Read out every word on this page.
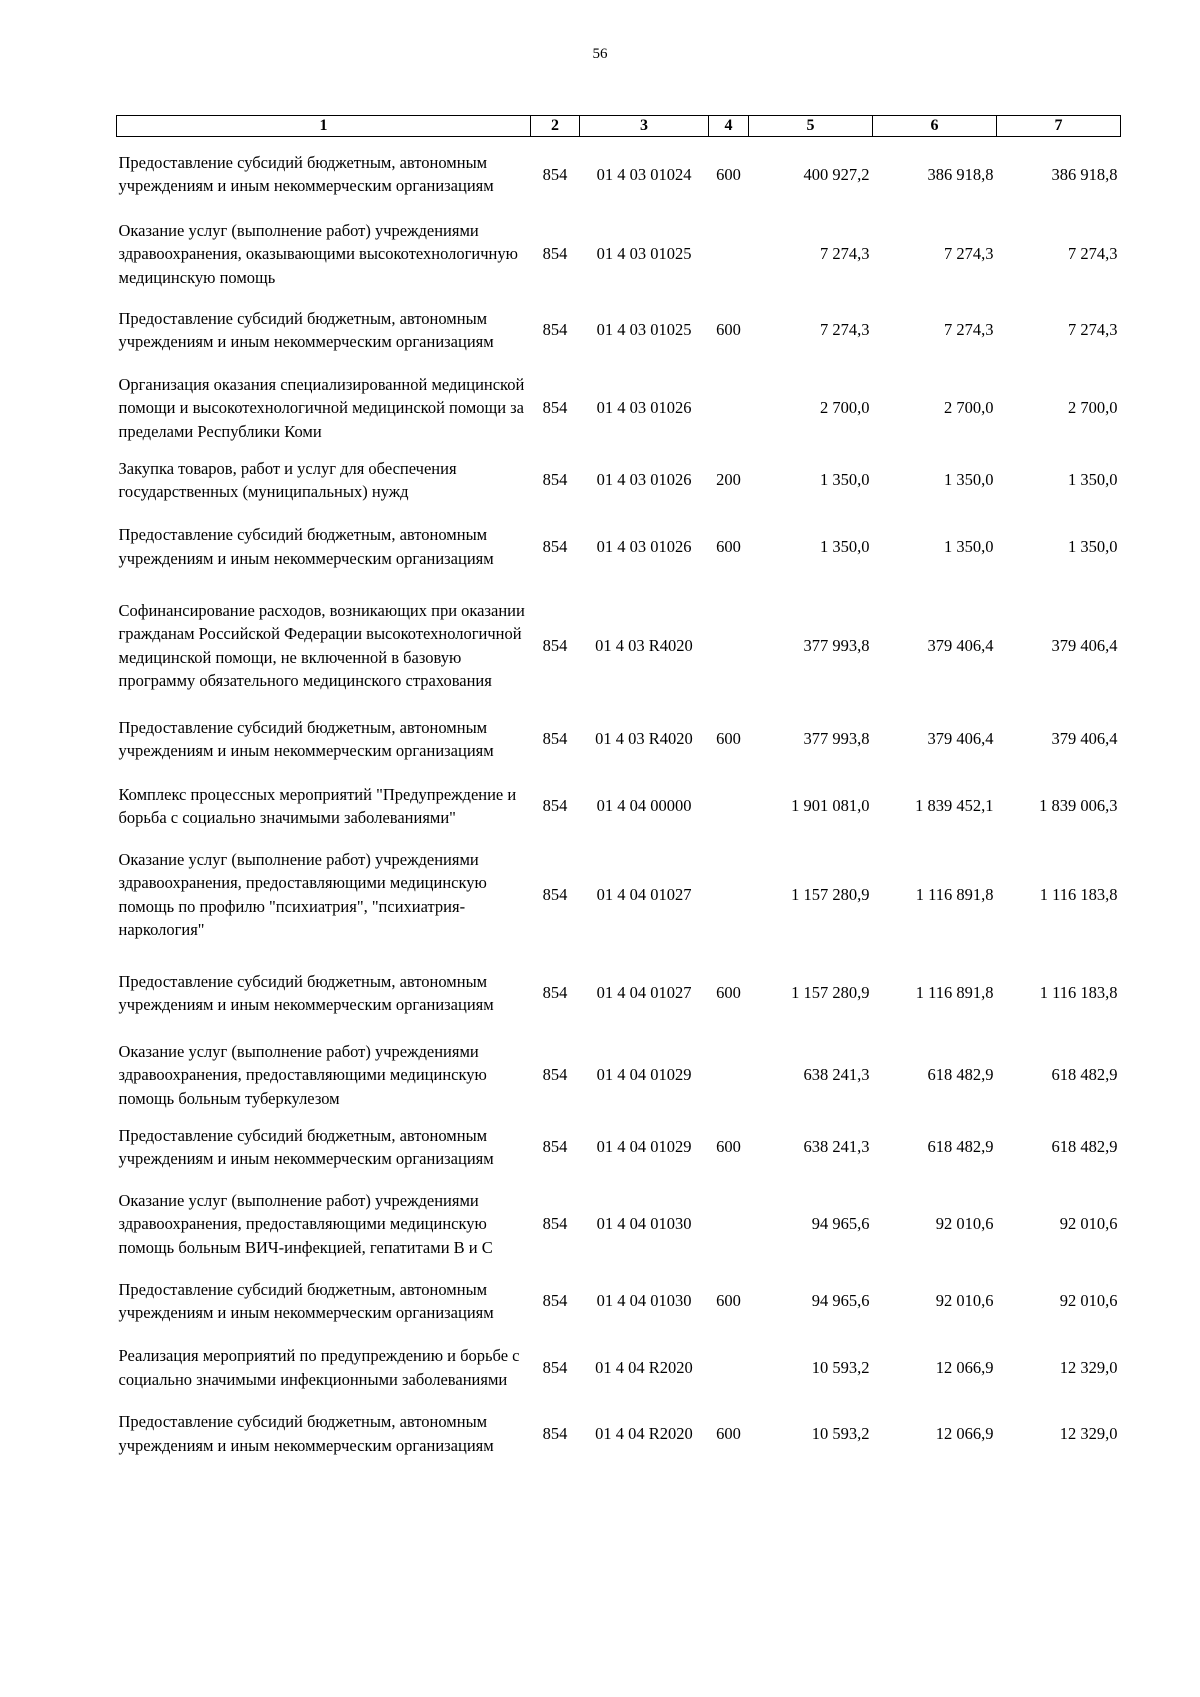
56
1	2	3	4	5	6	7
Предоставление субсидий бюджетным, автономным учреждениям и иным некоммерческим организациям	854	01 4 03 01024	600	400 927,2	386 918,8	386 918,8
Оказание услуг (выполнение работ) учреждениями здравоохранения, оказывающими высокотехнологичную медицинскую помощь	854	01 4 03 01025		7 274,3	7 274,3	7 274,3
Предоставление субсидий бюджетным, автономным учреждениям и иным некоммерческим организациям	854	01 4 03 01025	600	7 274,3	7 274,3	7 274,3
Организация оказания специализированной медицинской помощи и высокотехнологичной медицинской помощи за пределами Республики Коми	854	01 4 03 01026		2 700,0	2 700,0	2 700,0
Закупка товаров, работ и услуг для обеспечения государственных (муниципальных) нужд	854	01 4 03 01026	200	1 350,0	1 350,0	1 350,0
Предоставление субсидий бюджетным, автономным учреждениям и иным некоммерческим организациям	854	01 4 03 01026	600	1 350,0	1 350,0	1 350,0
Софинансирование расходов, возникающих при оказании гражданам Российской Федерации высокотехнологичной медицинской помощи, не включенной в базовую программу обязательного медицинского страхования	854	01 4 03 R4020		377 993,8	379 406,4	379 406,4
Предоставление субсидий бюджетным, автономным учреждениям и иным некоммерческим организациям	854	01 4 03 R4020	600	377 993,8	379 406,4	379 406,4
Комплекс процессных мероприятий "Предупреждение и борьба с социально значимыми заболеваниями"	854	01 4 04 00000		1 901 081,0	1 839 452,1	1 839 006,3
Оказание услуг (выполнение работ) учреждениями здравоохранения, предоставляющими медицинскую помощь по профилю "психиатрия", "психиатрия-наркология"	854	01 4 04 01027		1 157 280,9	1 116 891,8	1 116 183,8
Предоставление субсидий бюджетным, автономным учреждениям и иным некоммерческим организациям	854	01 4 04 01027	600	1 157 280,9	1 116 891,8	1 116 183,8
Оказание услуг (выполнение работ) учреждениями здравоохранения, предоставляющими медицинскую помощь больным туберкулезом	854	01 4 04 01029		638 241,3	618 482,9	618 482,9
Предоставление субсидий бюджетным, автономным учреждениям и иным некоммерческим организациям	854	01 4 04 01029	600	638 241,3	618 482,9	618 482,9
Оказание услуг (выполнение работ) учреждениями здравоохранения, предоставляющими медицинскую помощь больным ВИЧ-инфекцией, гепатитами B и C	854	01 4 04 01030		94 965,6	92 010,6	92 010,6
Предоставление субсидий бюджетным, автономным учреждениям и иным некоммерческим организациям	854	01 4 04 01030	600	94 965,6	92 010,6	92 010,6
Реализация мероприятий по предупреждению и борьбе с социально значимыми инфекционными заболеваниями	854	01 4 04 R2020		10 593,2	12 066,9	12 329,0
Предоставление субсидий бюджетным, автономным учреждениям и иным некоммерческим организациям	854	01 4 04 R2020	600	10 593,2	12 066,9	12 329,0
